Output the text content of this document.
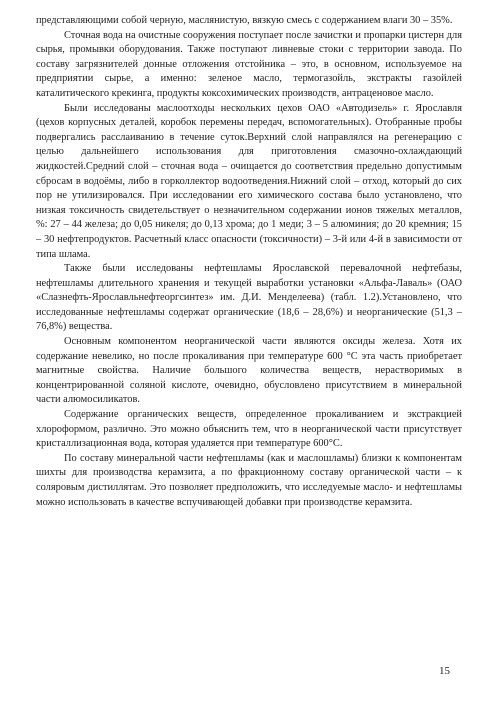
представляющими собой черную, маслянистую, вязкую смесь с содержанием влаги 30 – 35%.

Сточная вода на очистные сооружения поступает после зачистки и пропарки цистерн для сырья, промывки оборудования. Также поступают ливневые стоки с территории завода. По составу загрязнителей донные отложения отстойника – это, в основном, используемое на предприятии сырье, а именно: зеленое масло, термогазойль, экстракты газойлей каталитического крекинга, продукты коксохимических производств, антраценовое масло.

Были исследованы маслоотходы нескольких цехов ОАО «Автодизель» г. Ярославля (цехов корпусных деталей, коробок перемены передач, вспомогательных). Отобранные пробы подвергались расслаиванию в течение суток.Верхний слой направлялся на регенерацию с целью дальнейшего использования для приготовления смазочно-охлаждающий жидкостей.Средний слой – сточная вода – очищается до соответствия предельно допустимым сбросам в водоёмы, либо в горколлектор водоотведения.Нижний слой – отход, который до сих пор не утилизировался. При исследовании его химического состава было установлено, что низкая токсичность свидетельствует о незначительном содержании ионов тяжелых металлов, %: 27 – 44 железа; до 0,05 никеля; до 0,13 хрома; до 1 меди; 3 – 5 алюминия; до 20 кремния; 15 – 30 нефтепродуктов. Расчетный класс опасности (токсичности) – 3-й или 4-й в зависимости от типа шлама.

Также были исследованы нефтешламы Ярославской перевалочной нефтебазы, нефтешламы длительного хранения и текущей выработки установки «Альфа-Лаваль» (ОАО «Слазнефть-Ярославльнефтеоргсинтез» им. Д.И. Менделеева) (табл. 1.2).Установлено, что исследованные нефтешламы содержат органические (18,6 – 28,6%) и неорганические (51,3 – 76,8%) вещества.

Основным компонентом неорганической части являются оксиды железа. Хотя их содержание невелико, но после прокаливания при температуре 600 °С эта часть приобретает магнитные свойства. Наличие большого количества веществ, нерастворимых в концентрированной соляной кислоте, очевидно, обусловлено присутствием в минеральной части алюмосиликатов.

Содержание органических веществ, определенное прокаливанием и экстракцией хлороформом, различно. Это можно объяснить тем, что в неорганической части присутствует кристаллизационная вода, которая удаляется при температуре 600°С.

По составу минеральной части нефтешламы (как и маслошламы) близки к компонентам шихты для производства керамзита, а по фракционному составу органической части – к соляровым дистиллятам. Это позволяет предположить, что исследуемые масло- и нефтешламы можно использовать в качестве вспучивающей добавки при производстве керамзита.

15
